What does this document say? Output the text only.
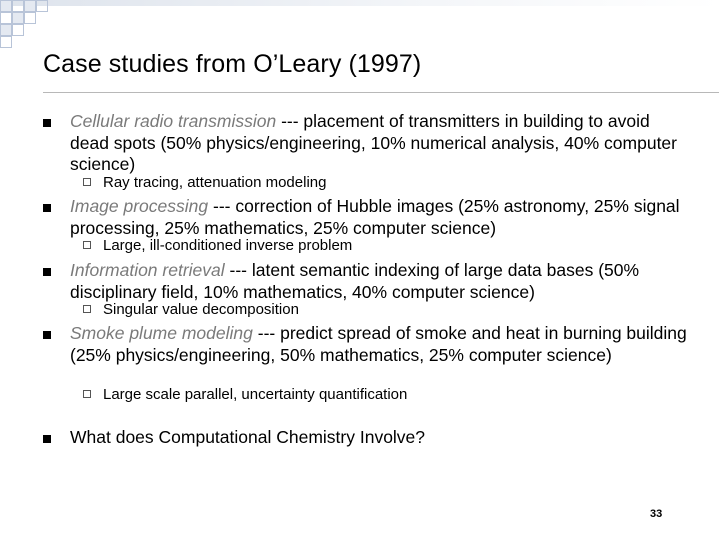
Case studies from O’Leary (1997)
Cellular radio transmission --- placement of transmitters in building to avoid dead spots (50% physics/engineering, 10% numerical analysis, 40% computer science)
Ray tracing, attenuation modeling
Image processing --- correction of Hubble images (25% astronomy, 25% signal processing, 25% mathematics, 25% computer science)
Large, ill-conditioned inverse problem
Information retrieval --- latent semantic indexing of large data bases (50% disciplinary field, 10% mathematics, 40% computer science)
Singular value decomposition
Smoke plume modeling --- predict spread of smoke and heat in burning building (25% physics/engineering, 50% mathematics, 25% computer science)
Large scale parallel, uncertainty quantification
What does Computational Chemistry Involve?
33
